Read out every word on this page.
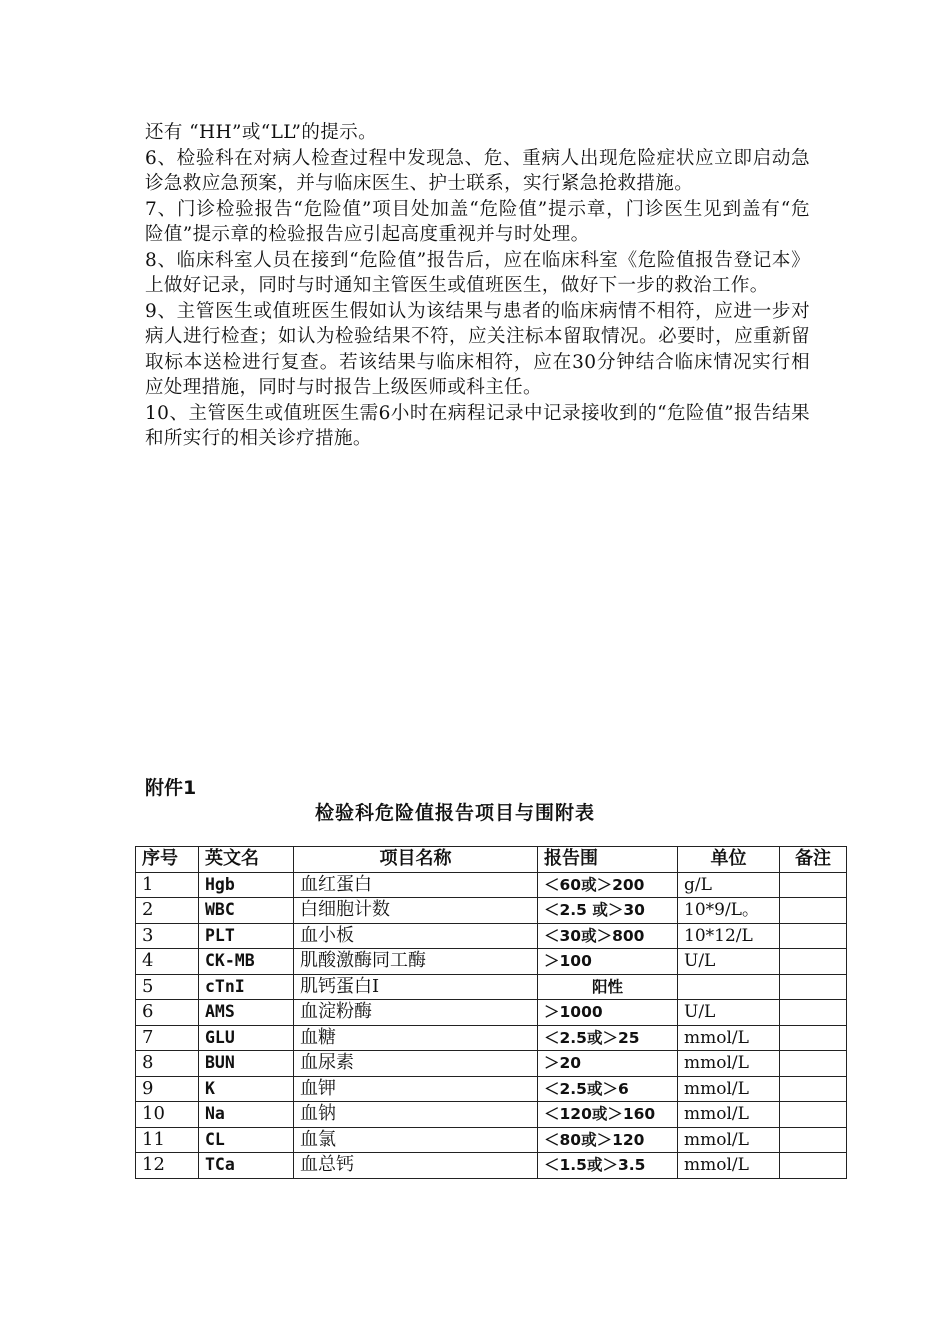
还有 “HH”或“LL”的提示。

6、检验科在对病人检查过程中发现急、危、重病人出现危险症状应立即启动急诊急救应急预案，并与临床医生、护士联系，实行紧急抢救措施。

7、门诊检验报告“危险值”项目处加盖“危险值”提示章，门诊医生见到盖有“危险值”提示章的检验报告应引起高度重视并与时处理。

8、临床科室人员在接到“危险值”报告后，应在临床科室《危险值报告登记本》上做好记录，同时与时通知主管医生或值班医生，做好下一步的救治工作。

9、主管医生或值班医生假如认为该结果与患者的临床病情不相符，应进一步对病人进行检查；如认为检验结果不符，应关注标本留取情况。必要时，应重新留取标本送检进行复查。若该结果与临床相符，应在30分钟结合临床情况实行相应处理措施，同时与时报告上级医师或科主任。

10、主管医生或值班医生需6小时在病程记录中记录接收到的“危险值”报告结果和所实行的相关诊疗措施。

附件1
检验科危险值报告项目与围附表
序号	英文名	项目名称	报告围	单位	备注
1	Hgb	血红蛋白	＜60或＞200	g/L	
2	WBC	白细胞计数	＜2.5 或＞30	10*9/L。	
3	PLT	血小板	＜30或＞800	10*12/L	
4	CK-MB	肌酸激酶同工酶	＞100	U/L	
5	cTnI	肌钙蛋白I	阳性		
6	AMS	血淀粉酶	＞1000	U/L	
7	GLU	血糖	＜2.5或＞25	mmol/L	
8	BUN	血尿素	＞20	mmol/L	
9	K	血钾	＜2.5或＞6	mmol/L	
10	Na	血钠	＜120或＞160	mmol/L	
11	CL	血氯	＜80或＞120	mmol/L	
12	TCa	血总钙	＜1.5或＞3.5	mmol/L	
